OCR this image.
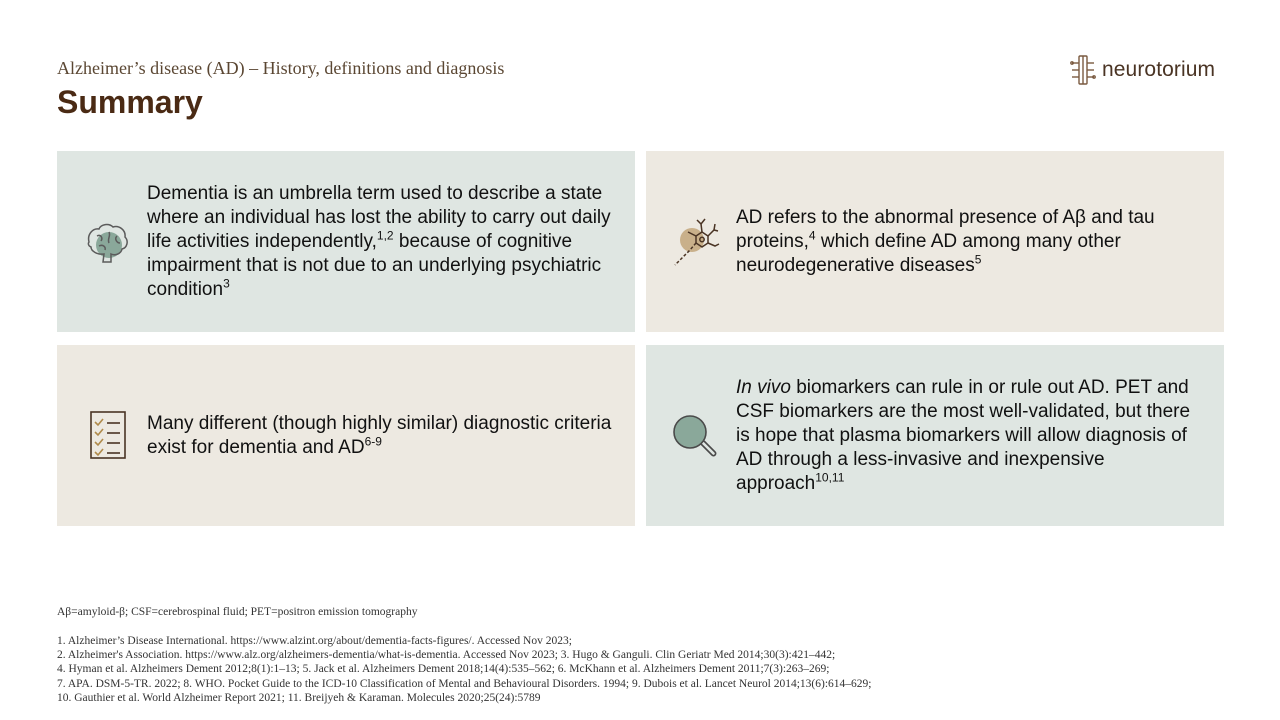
Alzheimer’s disease (AD) – History, definitions and diagnosis
Summary
neurotorium
Dementia is an umbrella term used to describe a state where an individual has lost the ability to carry out daily life activities independently,$^{1,2}$ because of cognitive impairment that is not due to an underlying psychiatric condition$^3$
AD refers to the abnormal presence of Aβ and tau proteins,$^4$ which define AD among many other neurodegenerative diseases$^5$
Many different (though highly similar) diagnostic criteria exist for dementia and AD$^{6-9}$
In vivo biomarkers can rule in or rule out AD. PET and CSF biomarkers are the most well-validated, but there is hope that plasma biomarkers will allow diagnosis of AD through a less-invasive and inexpensive approach$^{10,11}$
Aβ=amyloid-β; CSF=cerebrospinal fluid; PET=positron emission tomography
1. Alzheimer’s Disease International. https://www.alzint.org/about/dementia-facts-figures/. Accessed Nov 2023;
2. Alzheimer's Association. https://www.alz.org/alzheimers-dementia/what-is-dementia. Accessed Nov 2023; 3. Hugo & Ganguli. Clin Geriatr Med 2014;30(3):421–442;
4. Hyman et al. Alzheimers Dement 2012;8(1):1–13; 5. Jack et al. Alzheimers Dement 2018;14(4):535–562; 6. McKhann et al. Alzheimers Dement 2011;7(3):263–269;
7. APA. DSM-5-TR. 2022; 8. WHO. Pocket Guide to the ICD-10 Classification of Mental and Behavioural Disorders. 1994; 9. Dubois et al. Lancet Neurol 2014;13(6):614–629;
10. Gauthier et al. World Alzheimer Report 2021; 11. Breijyeh & Karaman. Molecules 2020;25(24):5789
